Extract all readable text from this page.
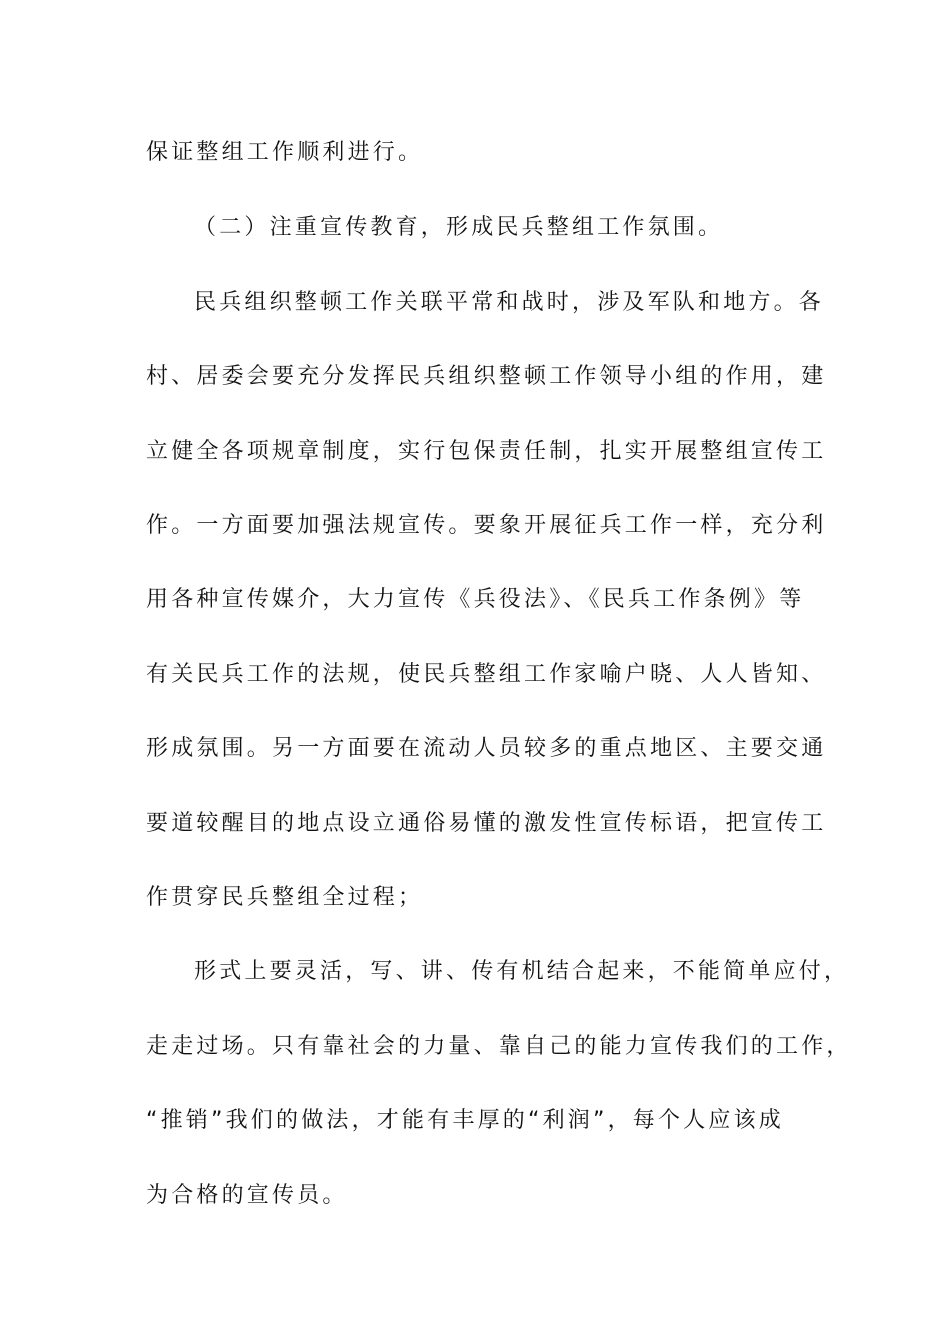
保证整组工作顺利进行。
（二）注重宣传教育，形成民兵整组工作氛围。
民兵组织整顿工作关联平常和战时，涉及军队和地方。各
村、居委会要充分发挥民兵组织整顿工作领导小组的作用，建
立健全各项规章制度，实行包保责任制，扎实开展整组宣传工
作。一方面要加强法规宣传。要象开展征兵工作一样，充分利
用各种宣传媒介，大力宣传《兵役法》、《民兵工作条例》等
有关民兵工作的法规，使民兵整组工作家喻户晓、人人皆知、
形成氛围。另一方面要在流动人员较多的重点地区、主要交通
要道较醒目的地点设立通俗易懂的激发性宣传标语，把宣传工
作贯穿民兵整组全过程；
形式上要灵活，写、讲、传有机结合起来，不能简单应付，
走走过场。只有靠社会的力量、靠自己的能力宣传我们的工作，
“推销”我们的做法，才能有丰厚的“利润”，每个人应该成
为合格的宣传员。
